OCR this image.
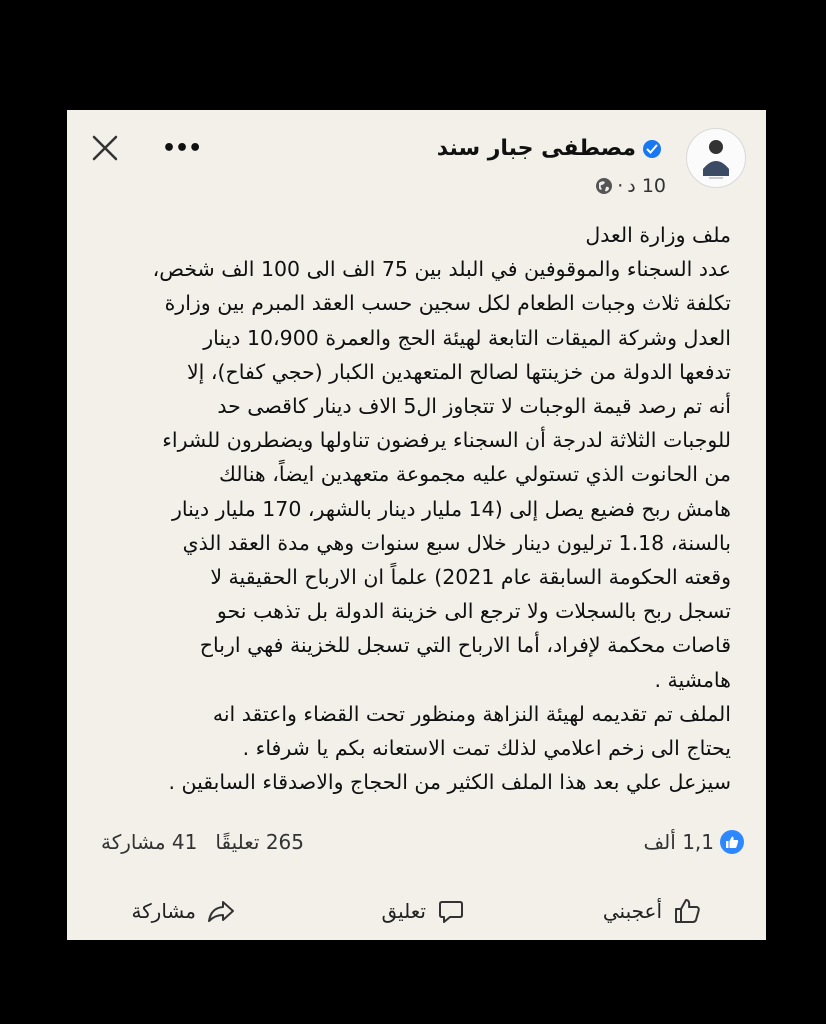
•••	مصطفى جبار سند
10 د
·

ملف وزارة العدل

عدد السجناء والموقوفين في البلد بين 75 الف الى 100 الف شخص،

تكلفة ثلاث وجبات الطعام لكل سجين حسب العقد المبرم بين وزارة

العدل وشركة الميقات التابعة لهيئة الحج والعمرة 10،900 دينار

تدفعها الدولة من خزينتها لصالح المتعهدين الكبار (حجي كفاح)، إلا

أنه تم رصد قيمة الوجبات لا تتجاوز ال5 الاف دينار كاقصى حد

للوجبات الثلاثة لدرجة أن السجناء يرفضون تناولها ويضطرون للشراء

من الحانوت الذي تستولي عليه مجموعة متعهدين ايضاً، هنالك

هامش ربح فضيع يصل إلى (14 مليار دينار بالشهر، 170 مليار دينار

بالسنة، 1.18 ترليون دينار خلال سبع سنوات وهي مدة العقد الذي

وقعته الحكومة السابقة عام 2021) علماً ان الارباح الحقيقية لا

تسجل ربح بالسجلات ولا ترجع الى خزينة الدولة بل تذهب نحو

قاصات محكمة لإفراد، أما الارباح التي تسجل للخزينة فهي ارباح

هامشية .

الملف تم تقديمه لهيئة النزاهة ومنظور تحت القضاء واعتقد انه

يحتاج الى زخم اعلامي لذلك تمت الاستعانه بكم يا شرفاء .

سيزعل علي بعد هذا الملف الكثير من الحجاج والاصدقاء السابقين .

1,1 ألف
265 تعليقًا
41 مشاركة
أعجبني
تعليق
مشاركة
